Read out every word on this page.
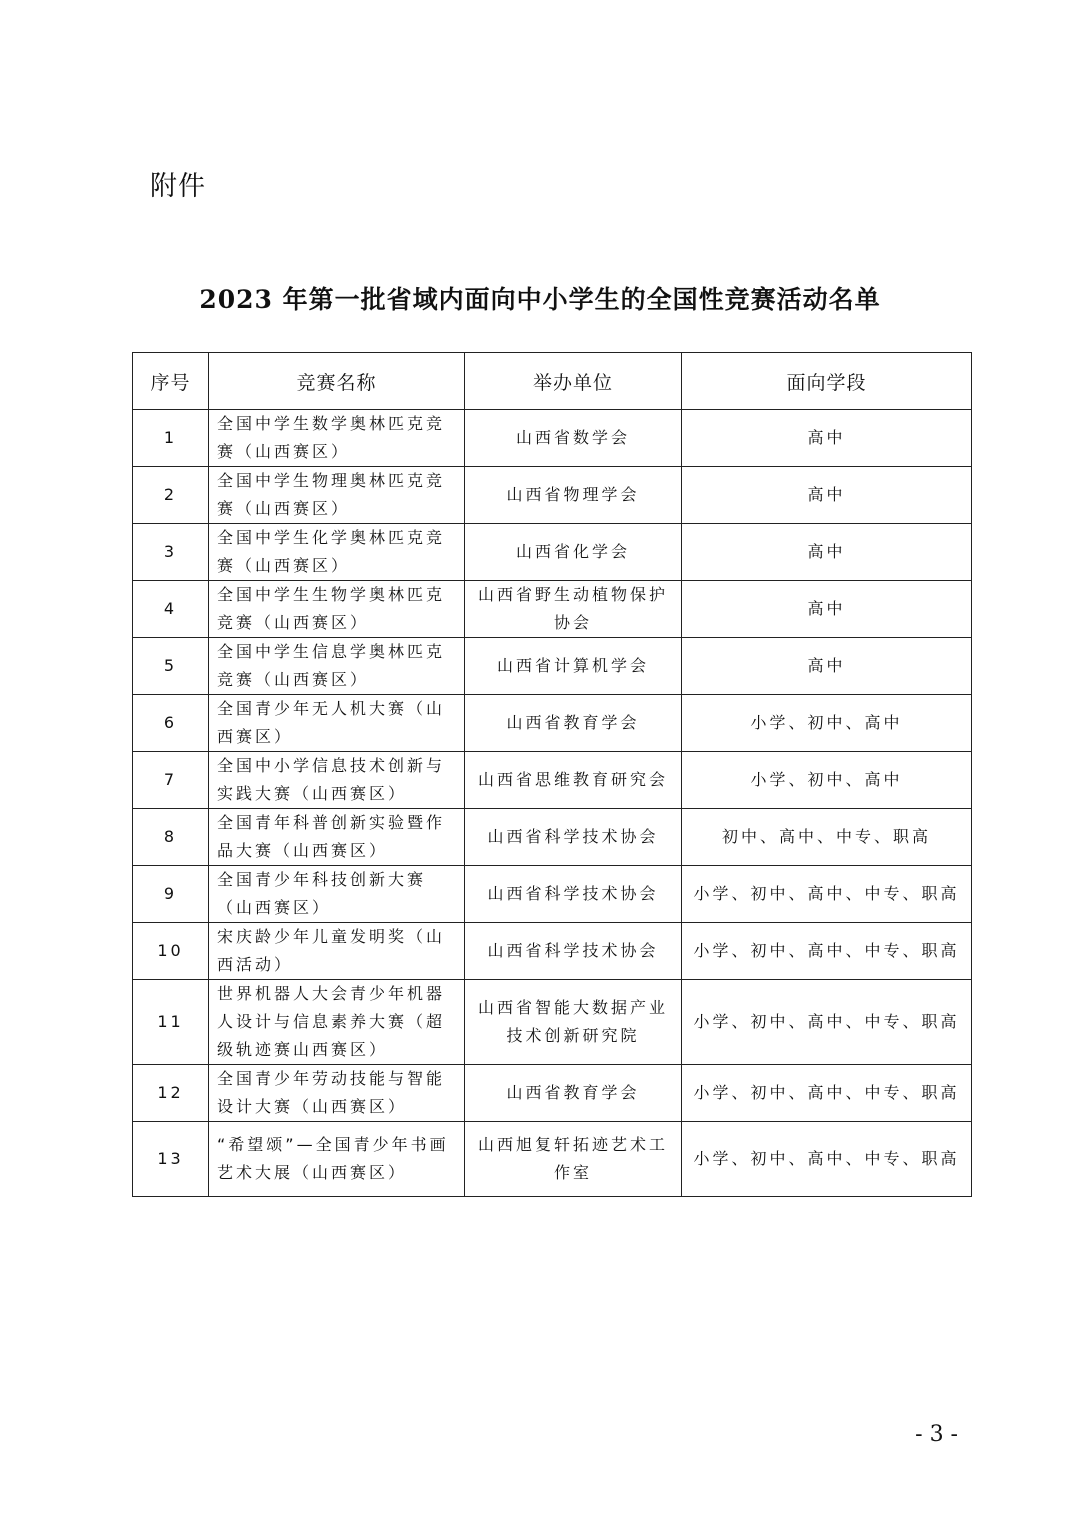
附件
2023 年第一批省域内面向中小学生的全国性竞赛活动名单
序号	竞赛名称	举办单位	面向学段
1	全国中学生数学奥林匹克竞赛（山西赛区）	山西省数学会	高中
2	全国中学生物理奥林匹克竞赛（山西赛区）	山西省物理学会	高中
3	全国中学生化学奥林匹克竞赛（山西赛区）	山西省化学会	高中
4	全国中学生生物学奥林匹克竞赛（山西赛区）	山西省野生动植物保护协会	高中
5	全国中学生信息学奥林匹克竞赛（山西赛区）	山西省计算机学会	高中
6	全国青少年无人机大赛（山西赛区）	山西省教育学会	小学、初中、高中
7	全国中小学信息技术创新与实践大赛（山西赛区）	山西省思维教育研究会	小学、初中、高中
8	全国青年科普创新实验暨作品大赛（山西赛区）	山西省科学技术协会	初中、高中、中专、职高
9	全国青少年科技创新大赛（山西赛区）	山西省科学技术协会	小学、初中、高中、中专、职高
10	宋庆龄少年儿童发明奖（山西活动）	山西省科学技术协会	小学、初中、高中、中专、职高
11	世界机器人大会青少年机器人设计与信息素养大赛（超级轨迹赛山西赛区）	山西省智能大数据产业技术创新研究院	小学、初中、高中、中专、职高
12	全国青少年劳动技能与智能设计大赛（山西赛区）	山西省教育学会	小学、初中、高中、中专、职高
13	“希望颂”—全国青少年书画艺术大展（山西赛区）	山西旭复轩拓迹艺术工作室	小学、初中、高中、中专、职高
- 3 -
